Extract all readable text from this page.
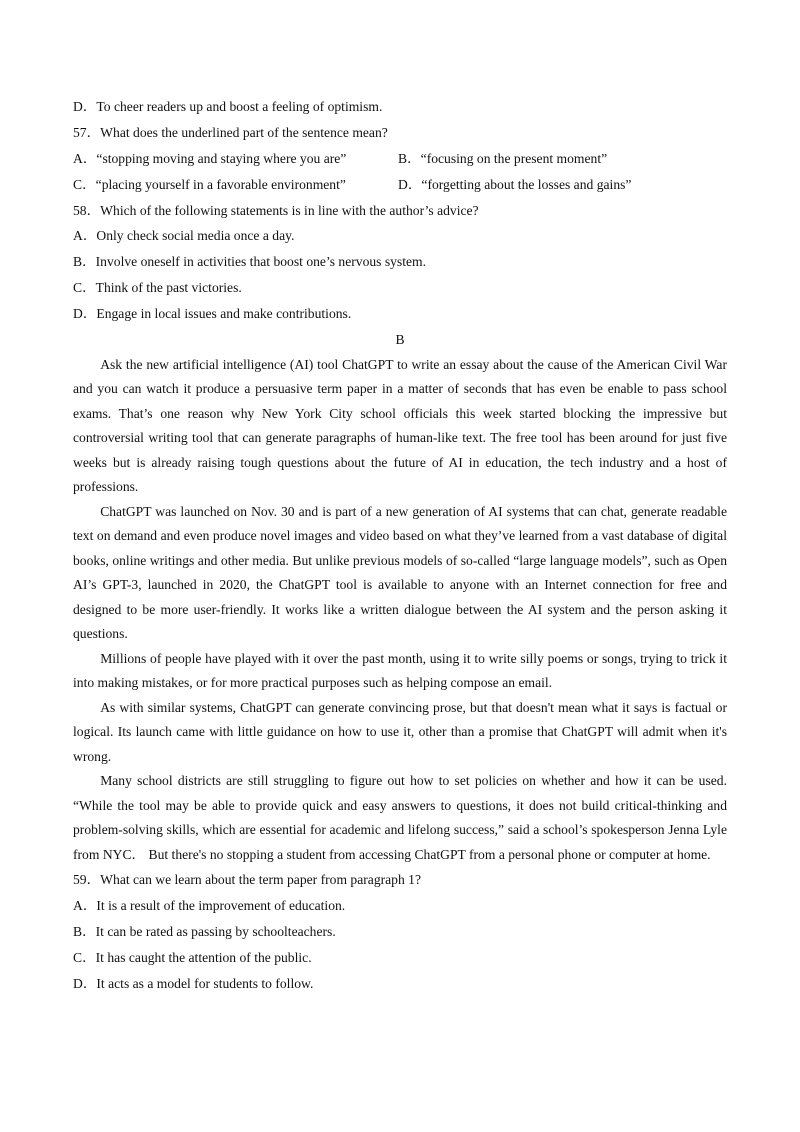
D．To cheer readers up and boost a feeling of optimism.
57．What does the underlined part of the sentence mean?
A．“stopping moving and staying where you are”	B．“focusing on the present moment”
C．“placing yourself in a favorable environment”	D．“forgetting about the losses and gains”
58．Which of the following statements is in line with the author’s advice?
A．Only check social media once a day.
B．Involve oneself in activities that boost one’s nervous system.
C．Think of the past victories.
D．Engage in local issues and make contributions.
B

Ask the new artificial intelligence (AI) tool ChatGPT to write an essay about the cause of the American Civil War and you can watch it produce a persuasive term paper in a matter of seconds that has even be enable to pass school exams. That’s one reason why New York City school officials this week started blocking the impressive but controversial writing tool that can generate paragraphs of human-like text. The free tool has been around for just five weeks but is already raising tough questions about the future of AI in education, the tech industry and a host of professions.

ChatGPT was launched on Nov. 30 and is part of a new generation of AI systems that can chat, generate readable text on demand and even produce novel images and video based on what they’ve learned from a vast database of digital books, online writings and other media. But unlike previous models of so-called “large language models”, such as Open AI’s GPT-3, launched in 2020, the ChatGPT tool is available to anyone with an Internet connection for free and designed to be more user-friendly. It works like a written dialogue between the AI system and the person asking it questions.

Millions of people have played with it over the past month, using it to write silly poems or songs, trying to trick it into making mistakes, or for more practical purposes such as helping compose an email.

As with similar systems, ChatGPT can generate convincing prose, but that doesn't mean what it says is factual or logical. Its launch came with little guidance on how to use it, other than a promise that ChatGPT will admit when it's wrong.

Many school districts are still struggling to figure out how to set policies on whether and how it can be used. “While the tool may be able to provide quick and easy answers to questions, it does not build critical-thinking and problem-solving skills, which are essential for academic and lifelong success,” said a school’s spokesperson Jenna Lyle from NYC． But there's no stopping a student from accessing ChatGPT from a personal phone or computer at home.

59．What can we learn about the term paper from paragraph 1?
A．It is a result of the improvement of education.
B．It can be rated as passing by schoolteachers.
C．It has caught the attention of the public.
D．It acts as a model for students to follow.
